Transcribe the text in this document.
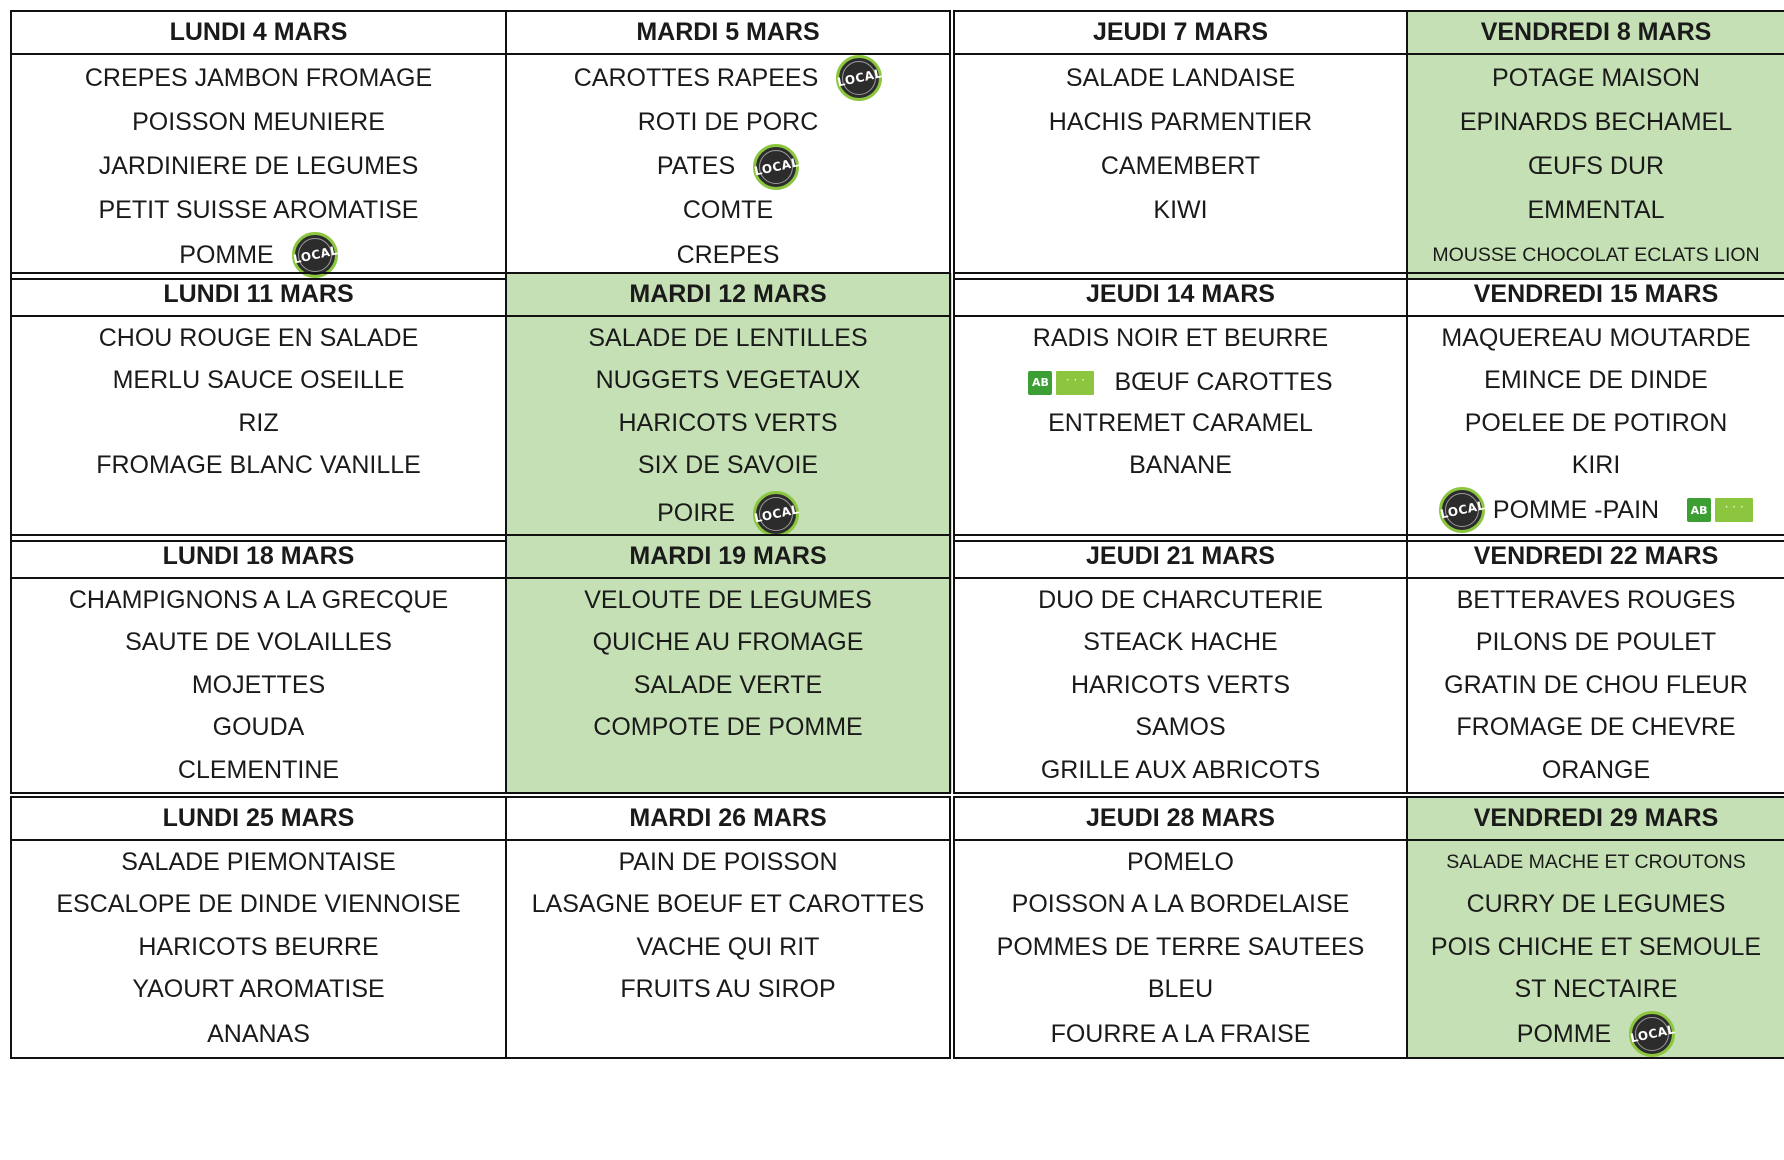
LUNDI 4 MARS	MARDI 5 MARS	JEUDI 7 MARS	VENDREDI 8 MARS

CREPES JAMBON FROMAGE	CAROTTES RAPEES LOCAL	SALADE LANDAISE	POTAGE MAISON

POISSON MEUNIERE	ROTI DE PORC	HACHIS PARMENTIER	EPINARDS BECHAMEL

JARDINIERE DE LEGUMES	PATES LOCAL	CAMEMBERT	ŒUFS DUR

PETIT SUISSE AROMATISE	COMTE	KIWI	EMMENTAL

POMME LOCAL	CREPES		MOUSSE CHOCOLAT ECLATS LION
LUNDI 11 MARS	MARDI 12 MARS	JEUDI 14 MARS	VENDREDI 15 MARS

CHOU ROUGE EN SALADE	SALADE DE LENTILLES	RADIS NOIR ET BEURRE	MAQUEREAU MOUTARDE

MERLU SAUCE OSEILLE	NUGGETS VEGETAUX	AB · · · BŒUF CAROTTES	EMINCE DE DINDE

RIZ	HARICOTS VERTS	ENTREMET CARAMEL	POELEE DE POTIRON

FROMAGE BLANC VANILLE	SIX DE SAVOIE	BANANE	KIRI

	POIRE LOCAL		LOCAL POMME -PAIN AB
· · ·
LUNDI 18 MARS	MARDI 19 MARS	JEUDI 21 MARS	VENDREDI 22 MARS

CHAMPIGNONS A LA GRECQUE	VELOUTE DE LEGUMES	DUO DE CHARCUTERIE	BETTERAVES ROUGES

SAUTE DE VOLAILLES	QUICHE AU FROMAGE	STEACK HACHE	PILONS DE POULET

MOJETTES	SALADE VERTE	HARICOTS VERTS	GRATIN DE CHOU FLEUR

GOUDA	COMPOTE DE POMME	SAMOS	FROMAGE DE CHEVRE

CLEMENTINE		GRILLE AUX ABRICOTS	ORANGE
LUNDI 25 MARS	MARDI 26 MARS	JEUDI 28 MARS	VENDREDI 29 MARS

SALADE PIEMONTAISE	PAIN DE POISSON	POMELO	SALADE MACHE ET CROUTONS

ESCALOPE DE DINDE VIENNOISE	LASAGNE BOEUF ET CAROTTES	POISSON A LA BORDELAISE	CURRY DE LEGUMES

HARICOTS BEURRE	VACHE QUI RIT	POMMES DE TERRE SAUTEES	POIS CHICHE ET SEMOULE

YAOURT AROMATISE	FRUITS AU SIROP	BLEU	ST NECTAIRE

ANANAS		FOURRE A LA FRAISE	POMME LOCAL
